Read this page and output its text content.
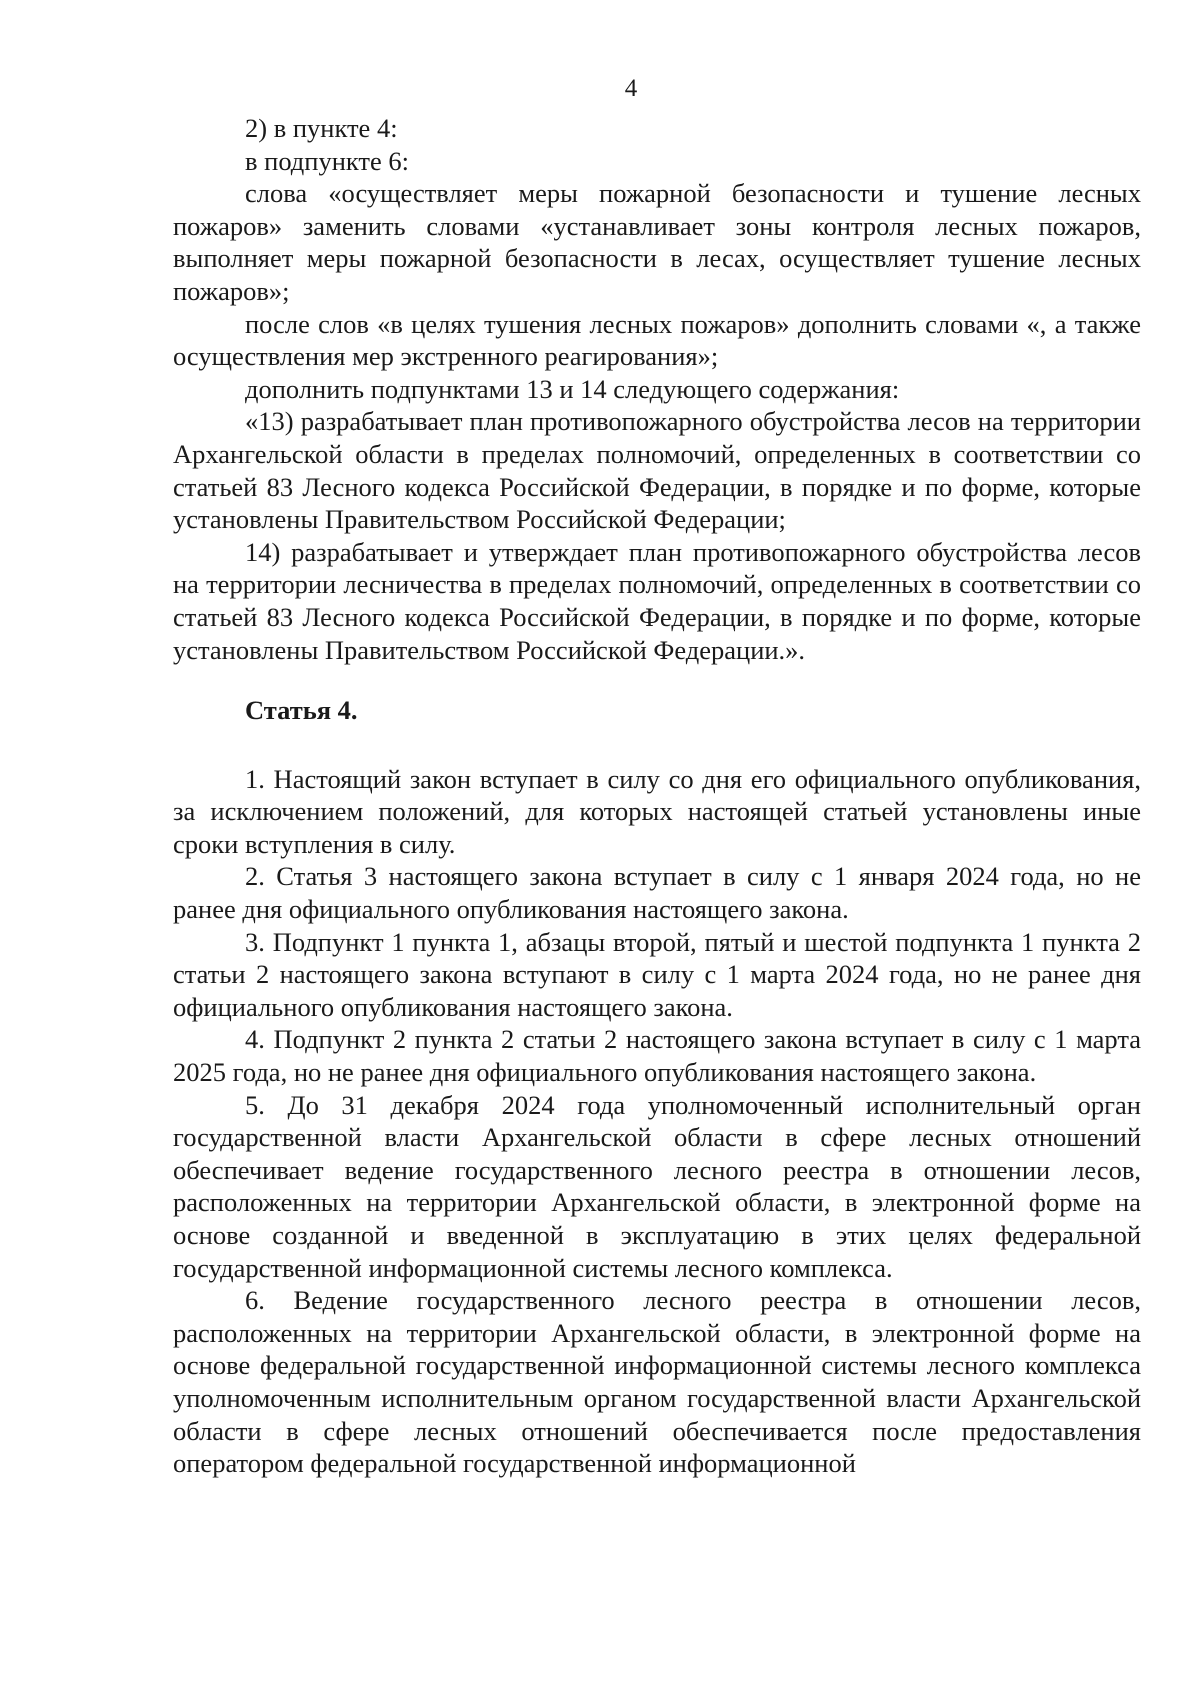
4

2) в пункте 4:

в подпункте 6:

слова «осуществляет меры пожарной безопасности и тушение лесных пожаров» заменить словами «устанавливает зоны контроля лесных пожаров, выполняет меры пожарной безопасности в лесах, осуществляет тушение лесных пожаров»;

после слов «в целях тушения лесных пожаров» дополнить словами «, а также осуществления мер экстренного реагирования»;

дополнить подпунктами 13 и 14 следующего содержания:

«13) разрабатывает план противопожарного обустройства лесов на территории Архангельской области в пределах полномочий, определенных в соответствии со статьей 83 Лесного кодекса Российской Федерации, в порядке и по форме, которые установлены Правительством Российской Федерации;

14) разрабатывает и утверждает план противопожарного обустройства лесов на территории лесничества в пределах полномочий, определенных в соответствии со статьей 83 Лесного кодекса Российской Федерации, в порядке и по форме, которые установлены Правительством Российской Федерации.».

Статья 4.

1. Настоящий закон вступает в силу со дня его официального опубликования, за исключением положений, для которых настоящей статьей установлены иные сроки вступления в силу.

2. Статья 3 настоящего закона вступает в силу с 1 января 2024 года, но не ранее дня официального опубликования настоящего закона.

3. Подпункт 1 пункта 1, абзацы второй, пятый и шестой подпункта 1 пункта 2 статьи 2 настоящего закона вступают в силу с 1 марта 2024 года, но не ранее дня официального опубликования настоящего закона.

4. Подпункт 2 пункта 2 статьи 2 настоящего закона вступает в силу с 1 марта 2025 года, но не ранее дня официального опубликования настоящего закона.

5. До 31 декабря 2024 года уполномоченный исполнительный орган государственной власти Архангельской области в сфере лесных отношений обеспечивает ведение государственного лесного реестра в отношении лесов, расположенных на территории Архангельской области, в электронной форме на основе созданной и введенной в эксплуатацию в этих целях федеральной государственной информационной системы лесного комплекса.

6. Ведение государственного лесного реестра в отношении лесов, расположенных на территории Архангельской области, в электронной форме на основе федеральной государственной информационной системы лесного комплекса уполномоченным исполнительным органом государственной власти Архангельской области в сфере лесных отношений обеспечивается после предоставления оператором федеральной государственной информационной
